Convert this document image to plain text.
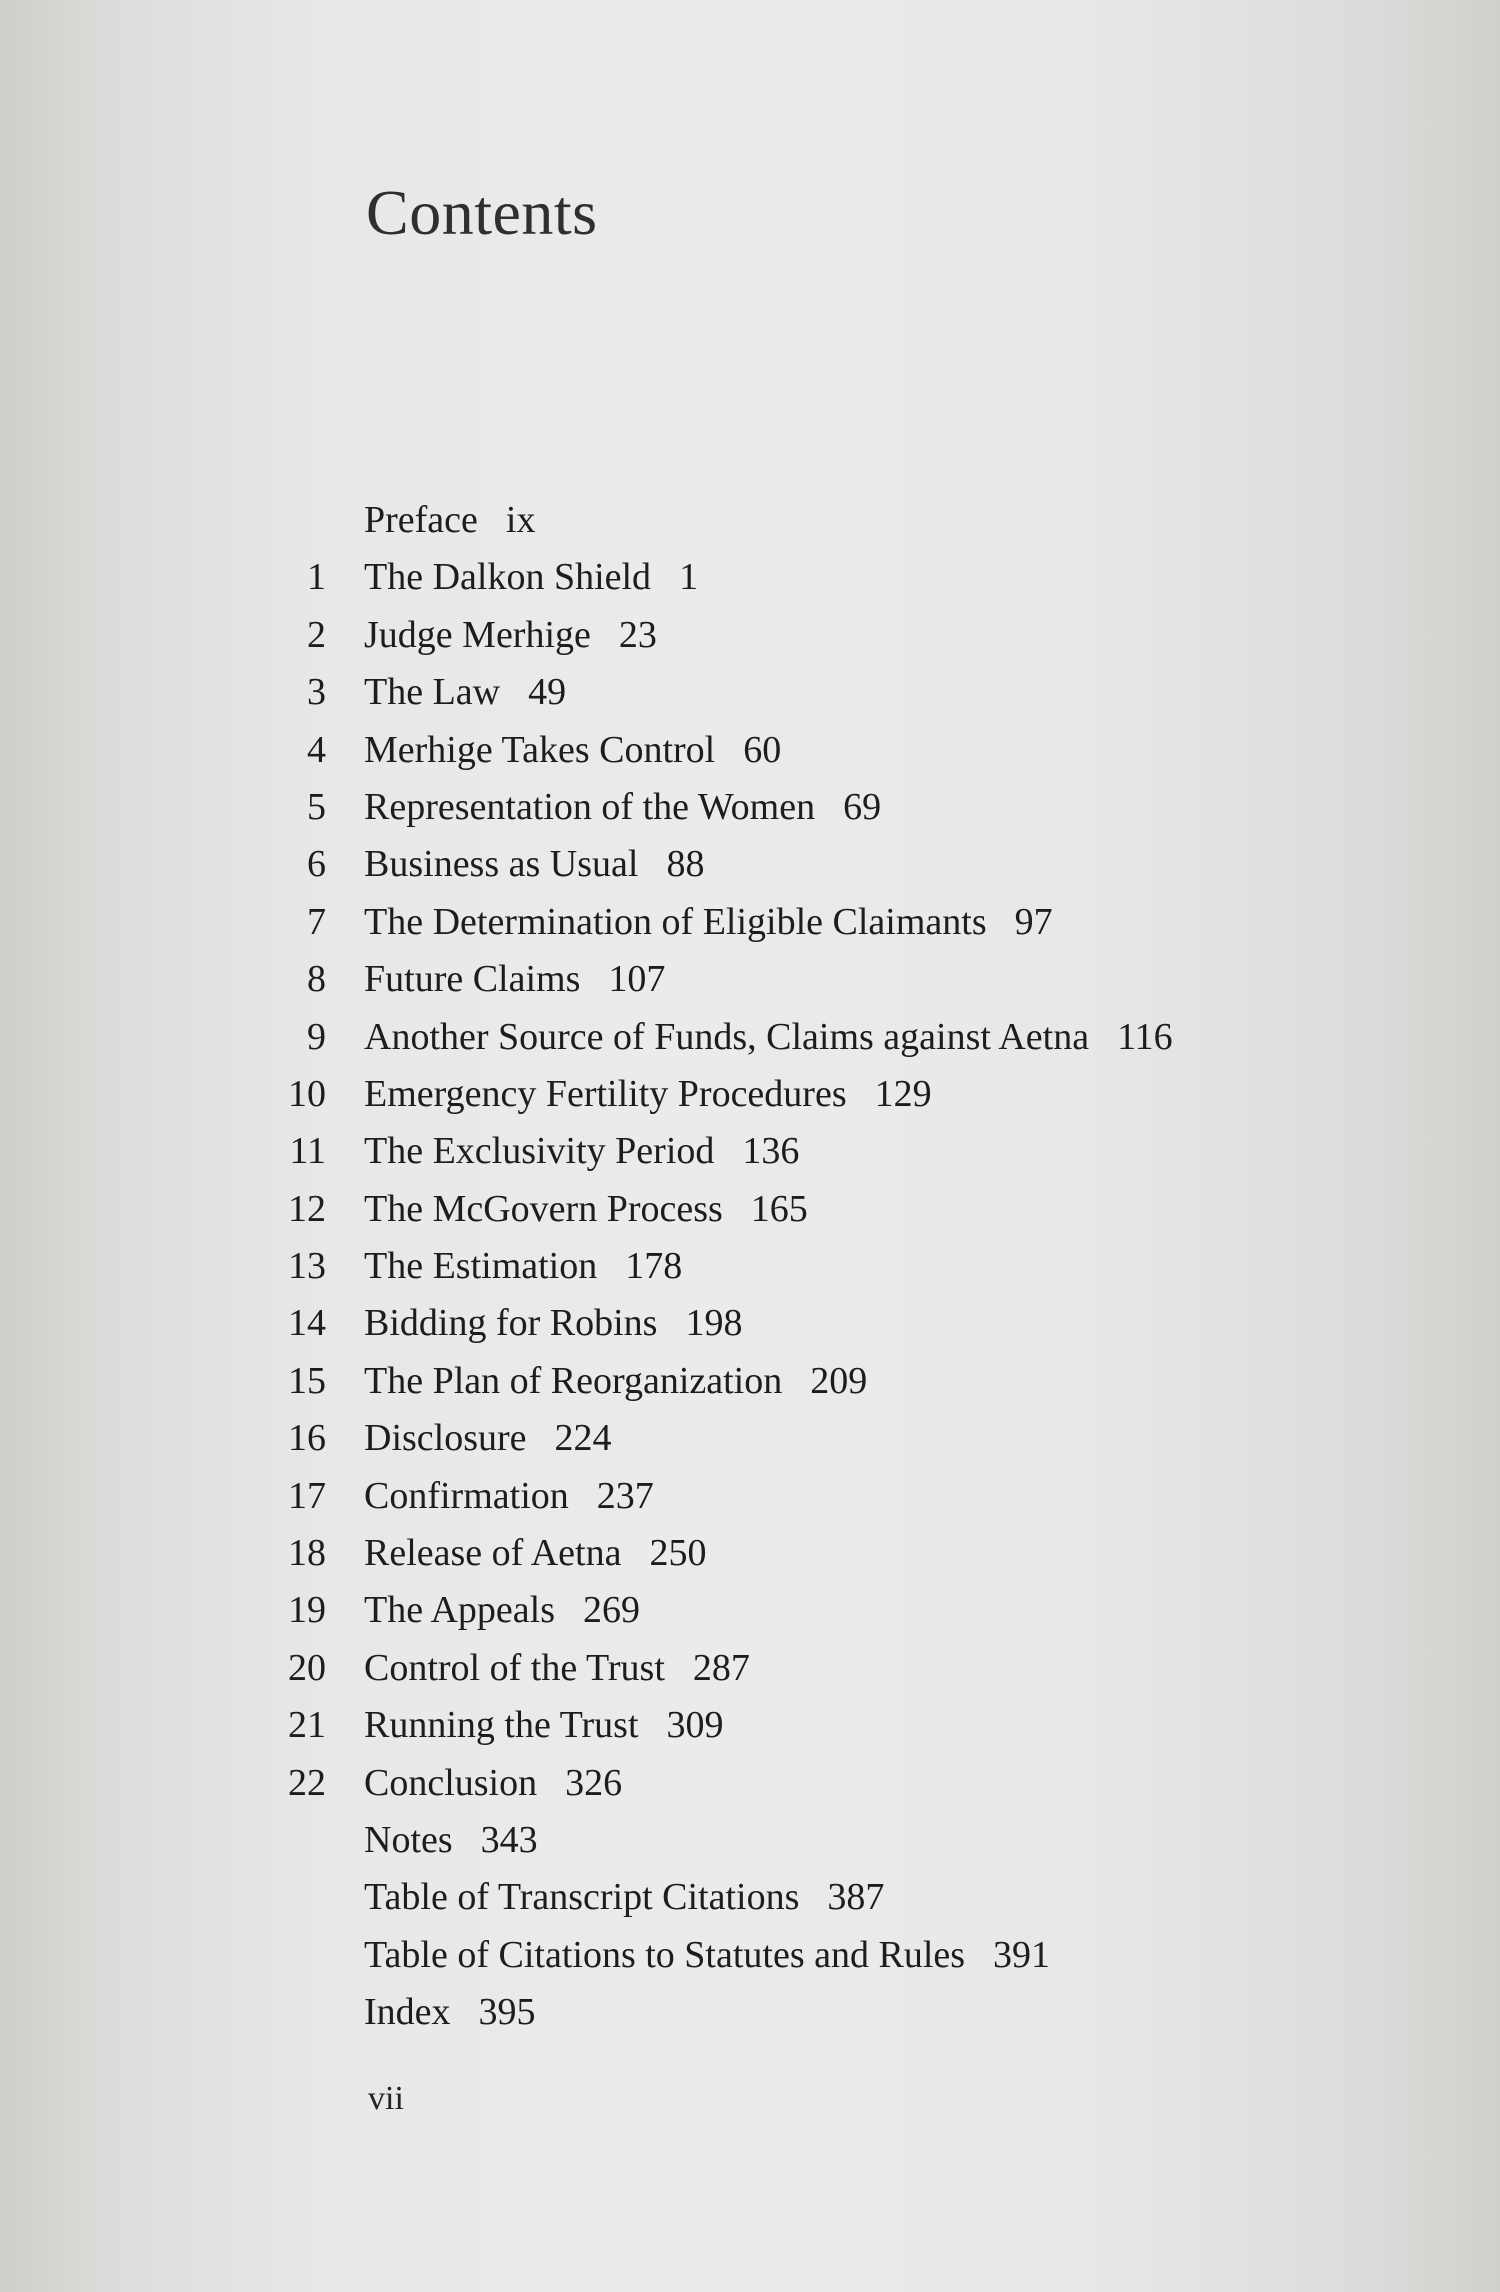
Contents
Preface ix
1 The Dalkon Shield 1
2 Judge Merhige 23
3 The Law 49
4 Merhige Takes Control 60
5 Representation of the Women 69
6 Business as Usual 88
7 The Determination of Eligible Claimants 97
8 Future Claims 107
9 Another Source of Funds, Claims against Aetna 116
10 Emergency Fertility Procedures 129
11 The Exclusivity Period 136
12 The McGovern Process 165
13 The Estimation 178
14 Bidding for Robins 198
15 The Plan of Reorganization 209
16 Disclosure 224
17 Confirmation 237
18 Release of Aetna 250
19 The Appeals 269
20 Control of the Trust 287
21 Running the Trust 309
22 Conclusion 326
Notes 343
Table of Transcript Citations 387
Table of Citations to Statutes and Rules 391
Index 395
vii
